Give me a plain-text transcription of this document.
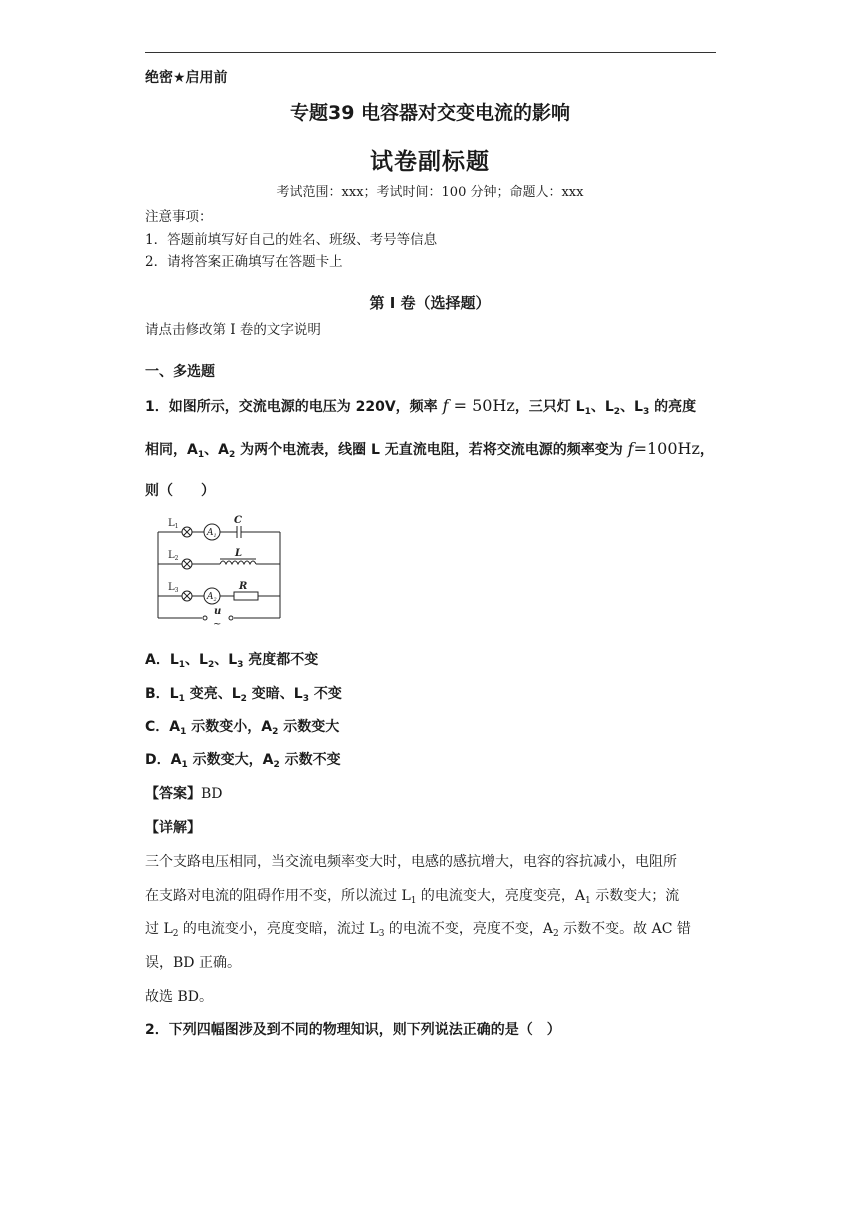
绝密★启用前
专题39 电容器对交变电流的影响
试卷副标题
考试范围：xxx；考试时间：100 分钟；命题人：xxx
注意事项：
1．答题前填写好自己的姓名、班级、考号等信息
2．请将答案正确填写在答题卡上
第 I 卷（选择题）
请点击修改第 I 卷的文字说明
一、多选题
1．如图所示，交流电源的电压为 220V，频率 f = 50Hz，三只灯 $L_1$、$L_2$、$L_3$ 的亮度
相同，$A_1$、$A_2$ 为两个电流表，线圈 L 无直流电阻，若将交流电源的频率变为 f=100Hz，
则（　　）
$L_1$
$L_2$
$L_3$
$A_1$
$A_2$
C
L
R
u
~
A．$L_1$、$L_2$、$L_3$ 亮度都不变
B．$L_1$ 变亮、$L_2$ 变暗、$L_3$ 不变
C．$A_1$ 示数变小，$A_2$ 示数变大
D．$A_1$ 示数变大，$A_2$ 示数不变
【答案】BD
【详解】
三个支路电压相同，当交流电频率变大时，电感的感抗增大，电容的容抗减小，电阻所
在支路对电流的阻碍作用不变，所以流过 $L_1$ 的电流变大，亮度变亮，$A_1$ 示数变大；流
过 $L_2$ 的电流变小，亮度变暗，流过 $L_3$ 的电流不变，亮度不变，$A_2$ 示数不变。故 AC 错
误，BD 正确。
故选 BD。
2．下列四幅图涉及到不同的物理知识，则下列说法正确的是（　）
